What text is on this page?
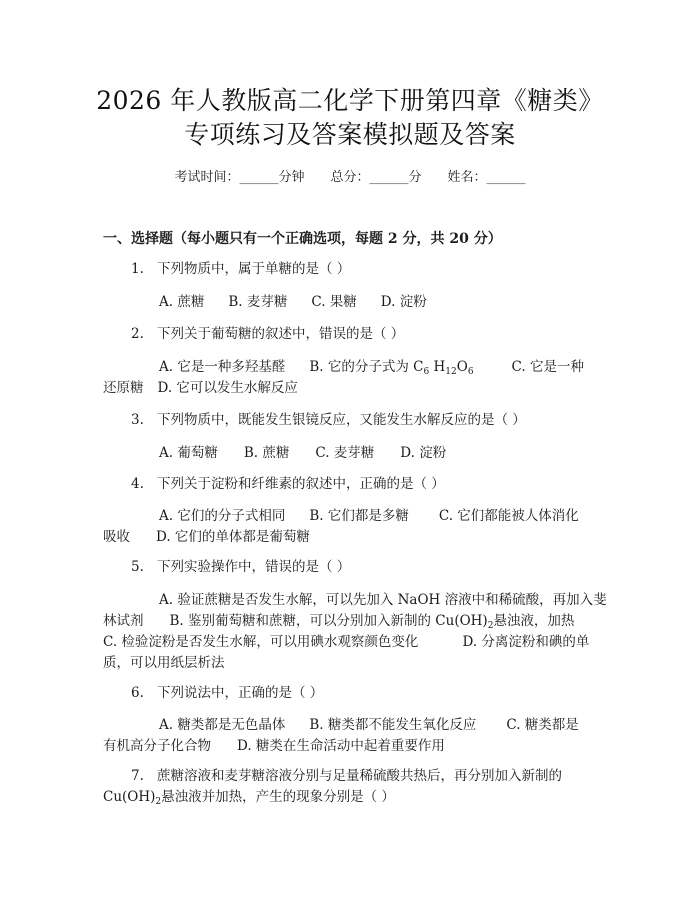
2026 年人教版高二化学下册第四章《糖类》
专项练习及答案模拟题及答案
考试时间：______分钟 总分：______分 姓名：______
一、选择题（每小题只有一个正确选项，每题 2 分，共 20 分）
1. 下列物质中，属于单糖的是（ ）
A. 蔗糖 B. 麦芽糖 C. 果糖 D. 淀粉
2. 下列关于葡萄糖的叙述中，错误的是（ ）
A. 它是一种多羟基醛 B. 它的分子式为 $C_6$ $H_{12}O_6$	C. 它是一种
还原糖 D. 它可以发生水解反应
3. 下列物质中，既能发生银镜反应，又能发生水解反应的是（ ）
A. 葡萄糖 B. 蔗糖 C. 麦芽糖 D. 淀粉
4. 下列关于淀粉和纤维素的叙述中，正确的是（ ）
A. 它们的分子式相同 B. 它们都是多糖 C. 它们都能被人体消化
吸收 D. 它们的单体都是葡萄糖
5. 下列实验操作中，错误的是（ ）
A. 验证蔗糖是否发生水解，可以先加入 NaOH 溶液中和稀硫酸，再加入斐
林试剂 B. 鉴别葡萄糖和蔗糖，可以分别加入新制的 $Cu(OH)_2$悬浊液，加热
C. 检验淀粉是否发生水解，可以用碘水观察颜色变化	D. 分离淀粉和碘的单
质，可以用纸层析法
6. 下列说法中，正确的是（ ）
A. 糖类都是无色晶体 B. 糖类都不能发生氧化反应 C. 糖类都是
有机高分子化合物 D. 糖类在生命活动中起着重要作用
7. 蔗糖溶液和麦芽糖溶液分别与足量稀硫酸共热后，再分别加入新制的
$Cu(OH)_2$悬浊液并加热，产生的现象分别是（ ）
